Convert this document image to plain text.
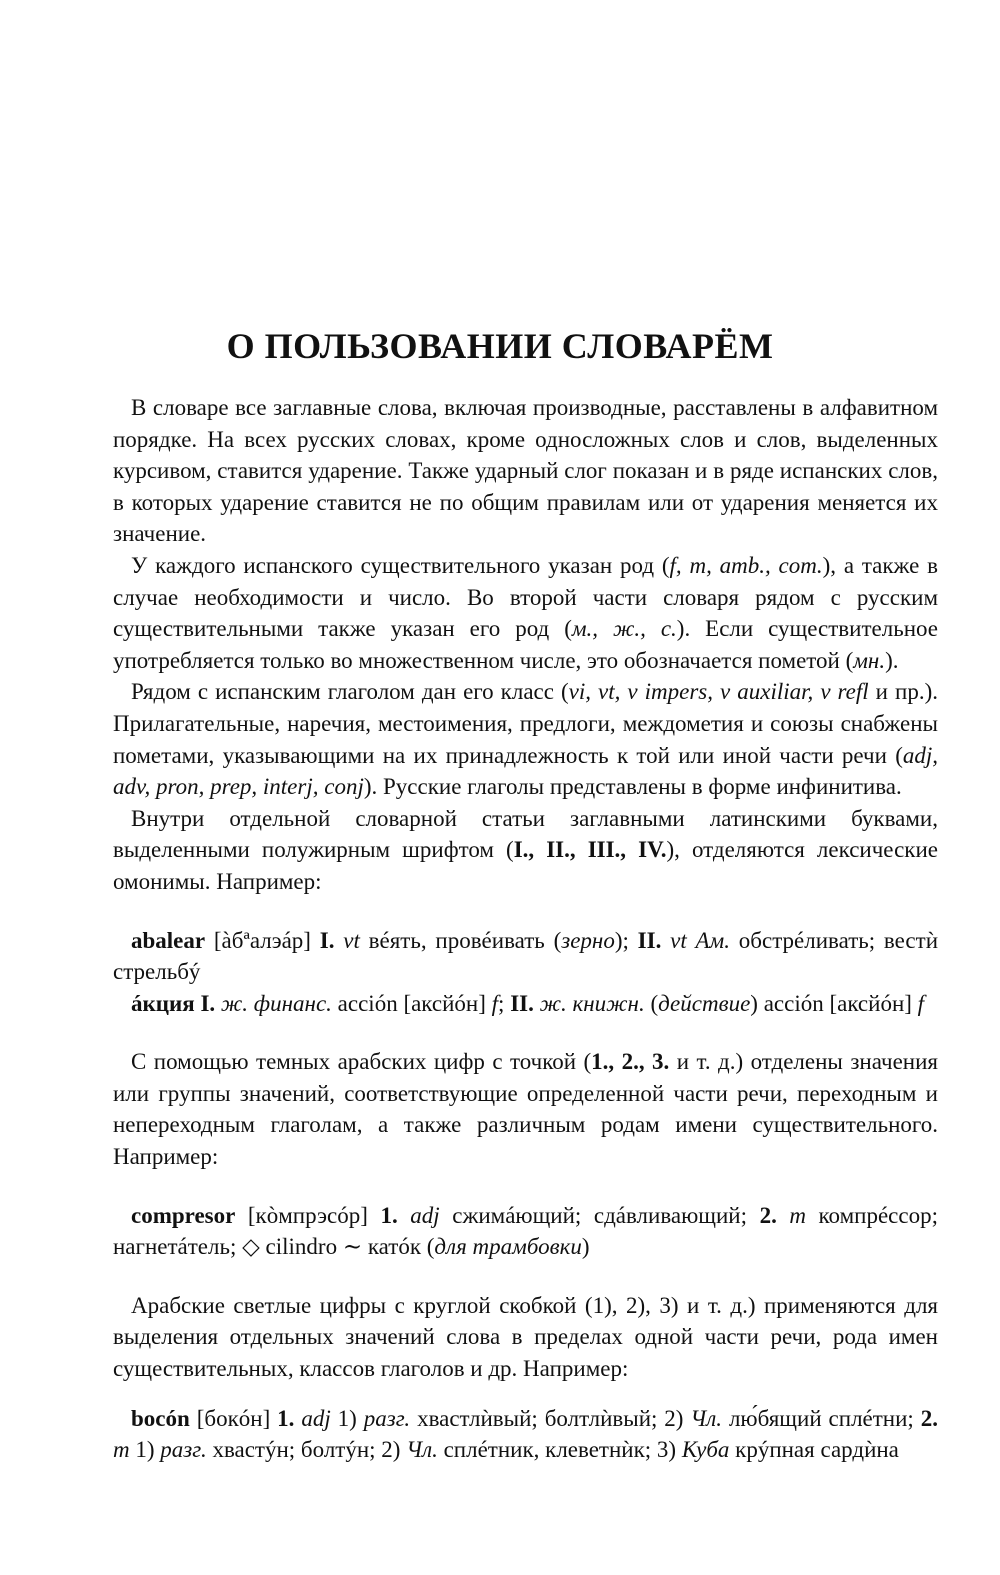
О ПОЛЬЗОВАНИИ СЛОВАРЁМ

В словаре все заглавные слова, включая производные, расставлены в алфавитном порядке. На всех русских словах, кроме односложных слов и слов, выделенных курсивом, ставится ударение. Также ударный слог показан и в ряде испанских слов, в которых ударение ставится не по общим правилам или от ударения меняется их значение.

У каждого испанского существительного указан род (f, m, amb., com.), а также в случае необходимости и число. Во второй части словаря рядом с русским существительными также указан его род (м., ж., с.). Если существительное употребляется только во множественном числе, это обозначается пометой (мн.).

Рядом с испанским глаголом дан его класс (vi, vt, v impers, v auxiliar, v refl и пр.). Прилагательные, наречия, местоимения, предлоги, междометия и союзы снабжены пометами, указывающими на их принадлежность к той или иной части речи (adj, adv, pron, prep, interj, conj). Русские глаголы представлены в форме инфинитива.

Внутри отдельной словарной статьи заглавными латинскими буквами, выделенными полужирным шрифтом (I., II., III., IV.), отделяются лексические омонимы. Например:

abalear [àбªалэáр] I. vt вéять, провéивать (зерно); II. vt Ам. обстрéливать; вестѝ стрельбý
áкция I. ж. финанс. acción [аксйóн] f; II. ж. книжн. (действие) acción [аксйóн] f

С помощью темных арабских цифр с точкой (1., 2., 3. и т. д.) отделены значения или группы значений, соответствующие определенной части речи, переходным и непереходным глаголам, а также различным родам имени существительного. Например:

compresor [кòмпрэсóр] 1. adj сжимáющий; сдáвливающий; 2. m компрéссор; нагнетáтель; ◇ cilindro ∼ катóк (для трамбовки)

Арабские светлые цифры с круглой скобкой (1), 2), 3) и т. д.) применяются для выделения отдельных значений слова в пределах одной части речи, рода имен существительных, классов глаголов и др. Например:

bocón [бокóн] 1. adj 1) разг. хвастлѝвый; болтлѝвый; 2) Чл. лю́бящий сплéтни; 2. m 1) разг. хвастýн; болтýн; 2) Чл. сплéтник, клеветнѝк; 3) Куба крýпная сардѝна
